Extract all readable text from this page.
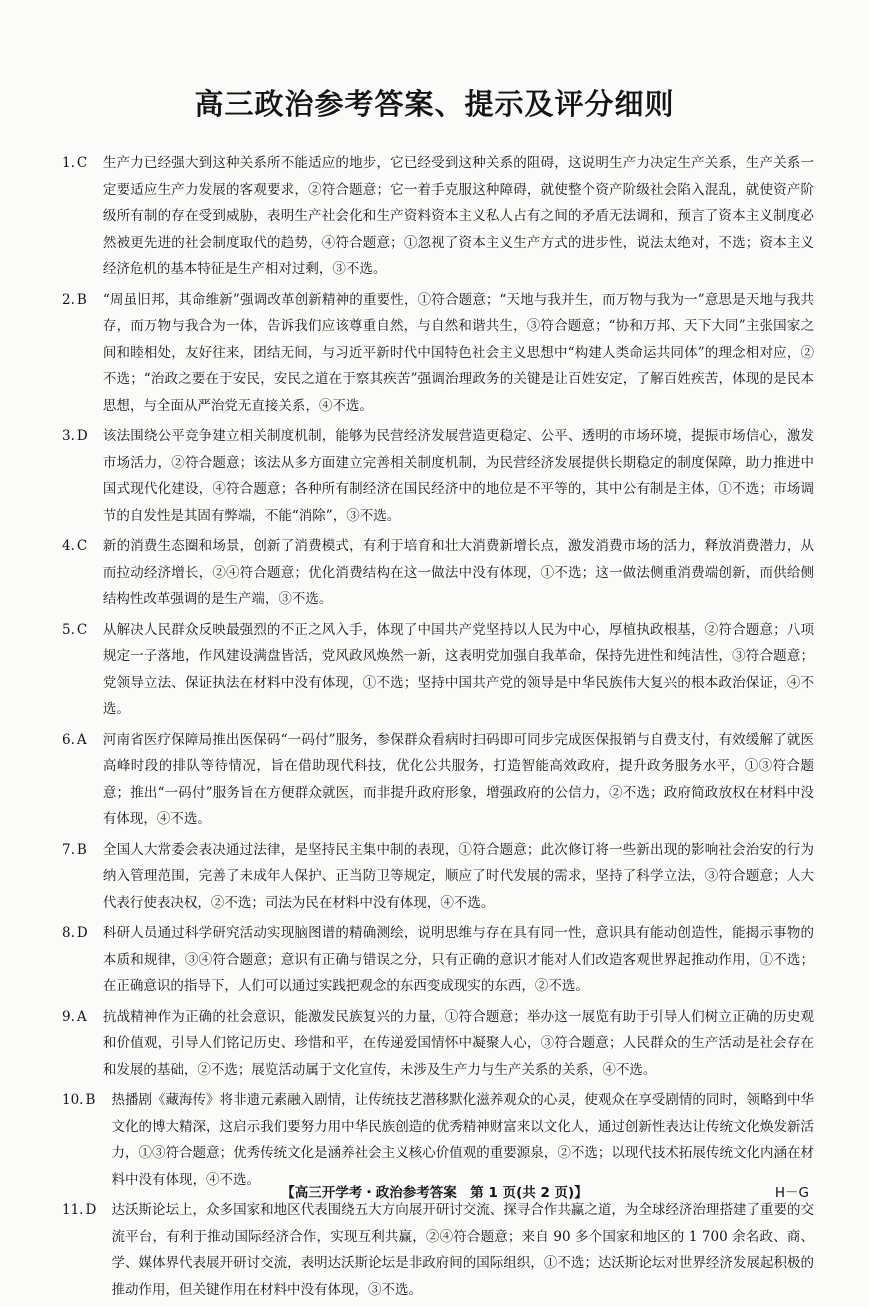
高三政治参考答案、提示及评分细则
1. C	生产力已经强大到这种关系所不能适应的地步，它已经受到这种关系的阻碍，这说明生产力决定生产关系，生产关系一定要适应生产力发展的客观要求，②符合题意；它一着手克服这种障碍，就使整个资产阶级社会陷入混乱，就使资产阶级所有制的存在受到威胁，表明生产社会化和生产资料资本主义私人占有之间的矛盾无法调和，预言了资本主义制度必然被更先进的社会制度取代的趋势，④符合题意；①忽视了资本主义生产方式的进步性，说法太绝对，不选；资本主义经济危机的基本特征是生产相对过剩，③不选。
2. B	“周虽旧邦，其命维新”强调改革创新精神的重要性，①符合题意；“天地与我并生，而万物与我为一”意思是天地与我共存，而万物与我合为一体，告诉我们应该尊重自然，与自然和谐共生，③符合题意；“协和万邦、天下大同”主张国家之间和睦相处，友好往来，团结无间，与习近平新时代中国特色社会主义思想中“构建人类命运共同体”的理念相对应，②不选；“治政之要在于安民，安民之道在于察其疾苦”强调治理政务的关键是让百姓安定，了解百姓疾苦，体现的是民本思想，与全面从严治党无直接关系，④不选。
3. D	该法围绕公平竞争建立相关制度机制，能够为民营经济发展营造更稳定、公平、透明的市场环境，提振市场信心，激发市场活力，②符合题意；该法从多方面建立完善相关制度机制，为民营经济发展提供长期稳定的制度保障，助力推进中国式现代化建设，④符合题意；各种所有制经济在国民经济中的地位是不平等的，其中公有制是主体，①不选；市场调节的自发性是其固有弊端，不能“消除”，③不选。
4. C	新的消费生态圈和场景，创新了消费模式，有利于培育和壮大消费新增长点，激发消费市场的活力，释放消费潜力，从而拉动经济增长，②④符合题意；优化消费结构在这一做法中没有体现，①不选；这一做法侧重消费端创新，而供给侧结构性改革强调的是生产端，③不选。
5. C	从解决人民群众反映最强烈的不正之风入手，体现了中国共产党坚持以人民为中心，厚植执政根基，②符合题意；八项规定一子落地，作风建设满盘皆活，党风政风焕然一新，这表明党加强自我革命，保持先进性和纯洁性，③符合题意；党领导立法、保证执法在材料中没有体现，①不选；坚持中国共产党的领导是中华民族伟大复兴的根本政治保证，④不选。
6. A	河南省医疗保障局推出医保码“一码付”服务，参保群众看病时扫码即可同步完成医保报销与自费支付，有效缓解了就医高峰时段的排队等待情况，旨在借助现代科技，优化公共服务，打造智能高效政府，提升政务服务水平，①③符合题意；推出“一码付”服务旨在方便群众就医，而非提升政府形象，增强政府的公信力，②不选；政府简政放权在材料中没有体现，④不选。
7. B	全国人大常委会表决通过法律，是坚持民主集中制的表现，①符合题意；此次修订将一些新出现的影响社会治安的行为纳入管理范围，完善了未成年人保护、正当防卫等规定，顺应了时代发展的需求，坚持了科学立法，③符合题意；人大代表行使表决权，②不选；司法为民在材料中没有体现，④不选。
8. D	科研人员通过科学研究活动实现脑图谱的精确测绘，说明思维与存在具有同一性，意识具有能动创造性，能揭示事物的本质和规律，③④符合题意；意识有正确与错误之分，只有正确的意识才能对人们改造客观世界起推动作用，①不选；在正确意识的指导下，人们可以通过实践把观念的东西变成现实的东西，②不选。
9. A	抗战精神作为正确的社会意识，能激发民族复兴的力量，①符合题意；举办这一展览有助于引导人们树立正确的历史观和价值观，引导人们铭记历史、珍惜和平，在传递爱国情怀中凝聚人心，③符合题意；人民群众的生产活动是社会存在和发展的基础，②不选；展览活动属于文化宣传，未涉及生产力与生产关系的关系，④不选。
10. B	热播剧《藏海传》将非遗元素融入剧情，让传统技艺潜移默化滋养观众的心灵，使观众在享受剧情的同时，领略到中华文化的博大精深，这启示我们要努力用中华民族创造的优秀精神财富来以文化人，通过创新性表达让传统文化焕发新活力，①③符合题意；优秀传统文化是涵养社会主义核心价值观的重要源泉，②不选；以现代技术拓展传统文化内涵在材料中没有体现，④不选。
11. D	达沃斯论坛上，众多国家和地区代表围绕五大方向展开研讨交流、探寻合作共赢之道，为全球经济治理搭建了重要的交流平台，有利于推动国际经济合作，实现互利共赢，②④符合题意；来自 90 多个国家和地区的 1 700 余名政、商、学、媒体界代表展开研讨交流，表明达沃斯论坛是非政府间的国际组织，①不选；达沃斯论坛对世界经济发展起积极的推动作用，但关键作用在材料中没有体现，③不选。
【高三开学考・政治参考答案　第 1 页(共 2 页)】	H－G
